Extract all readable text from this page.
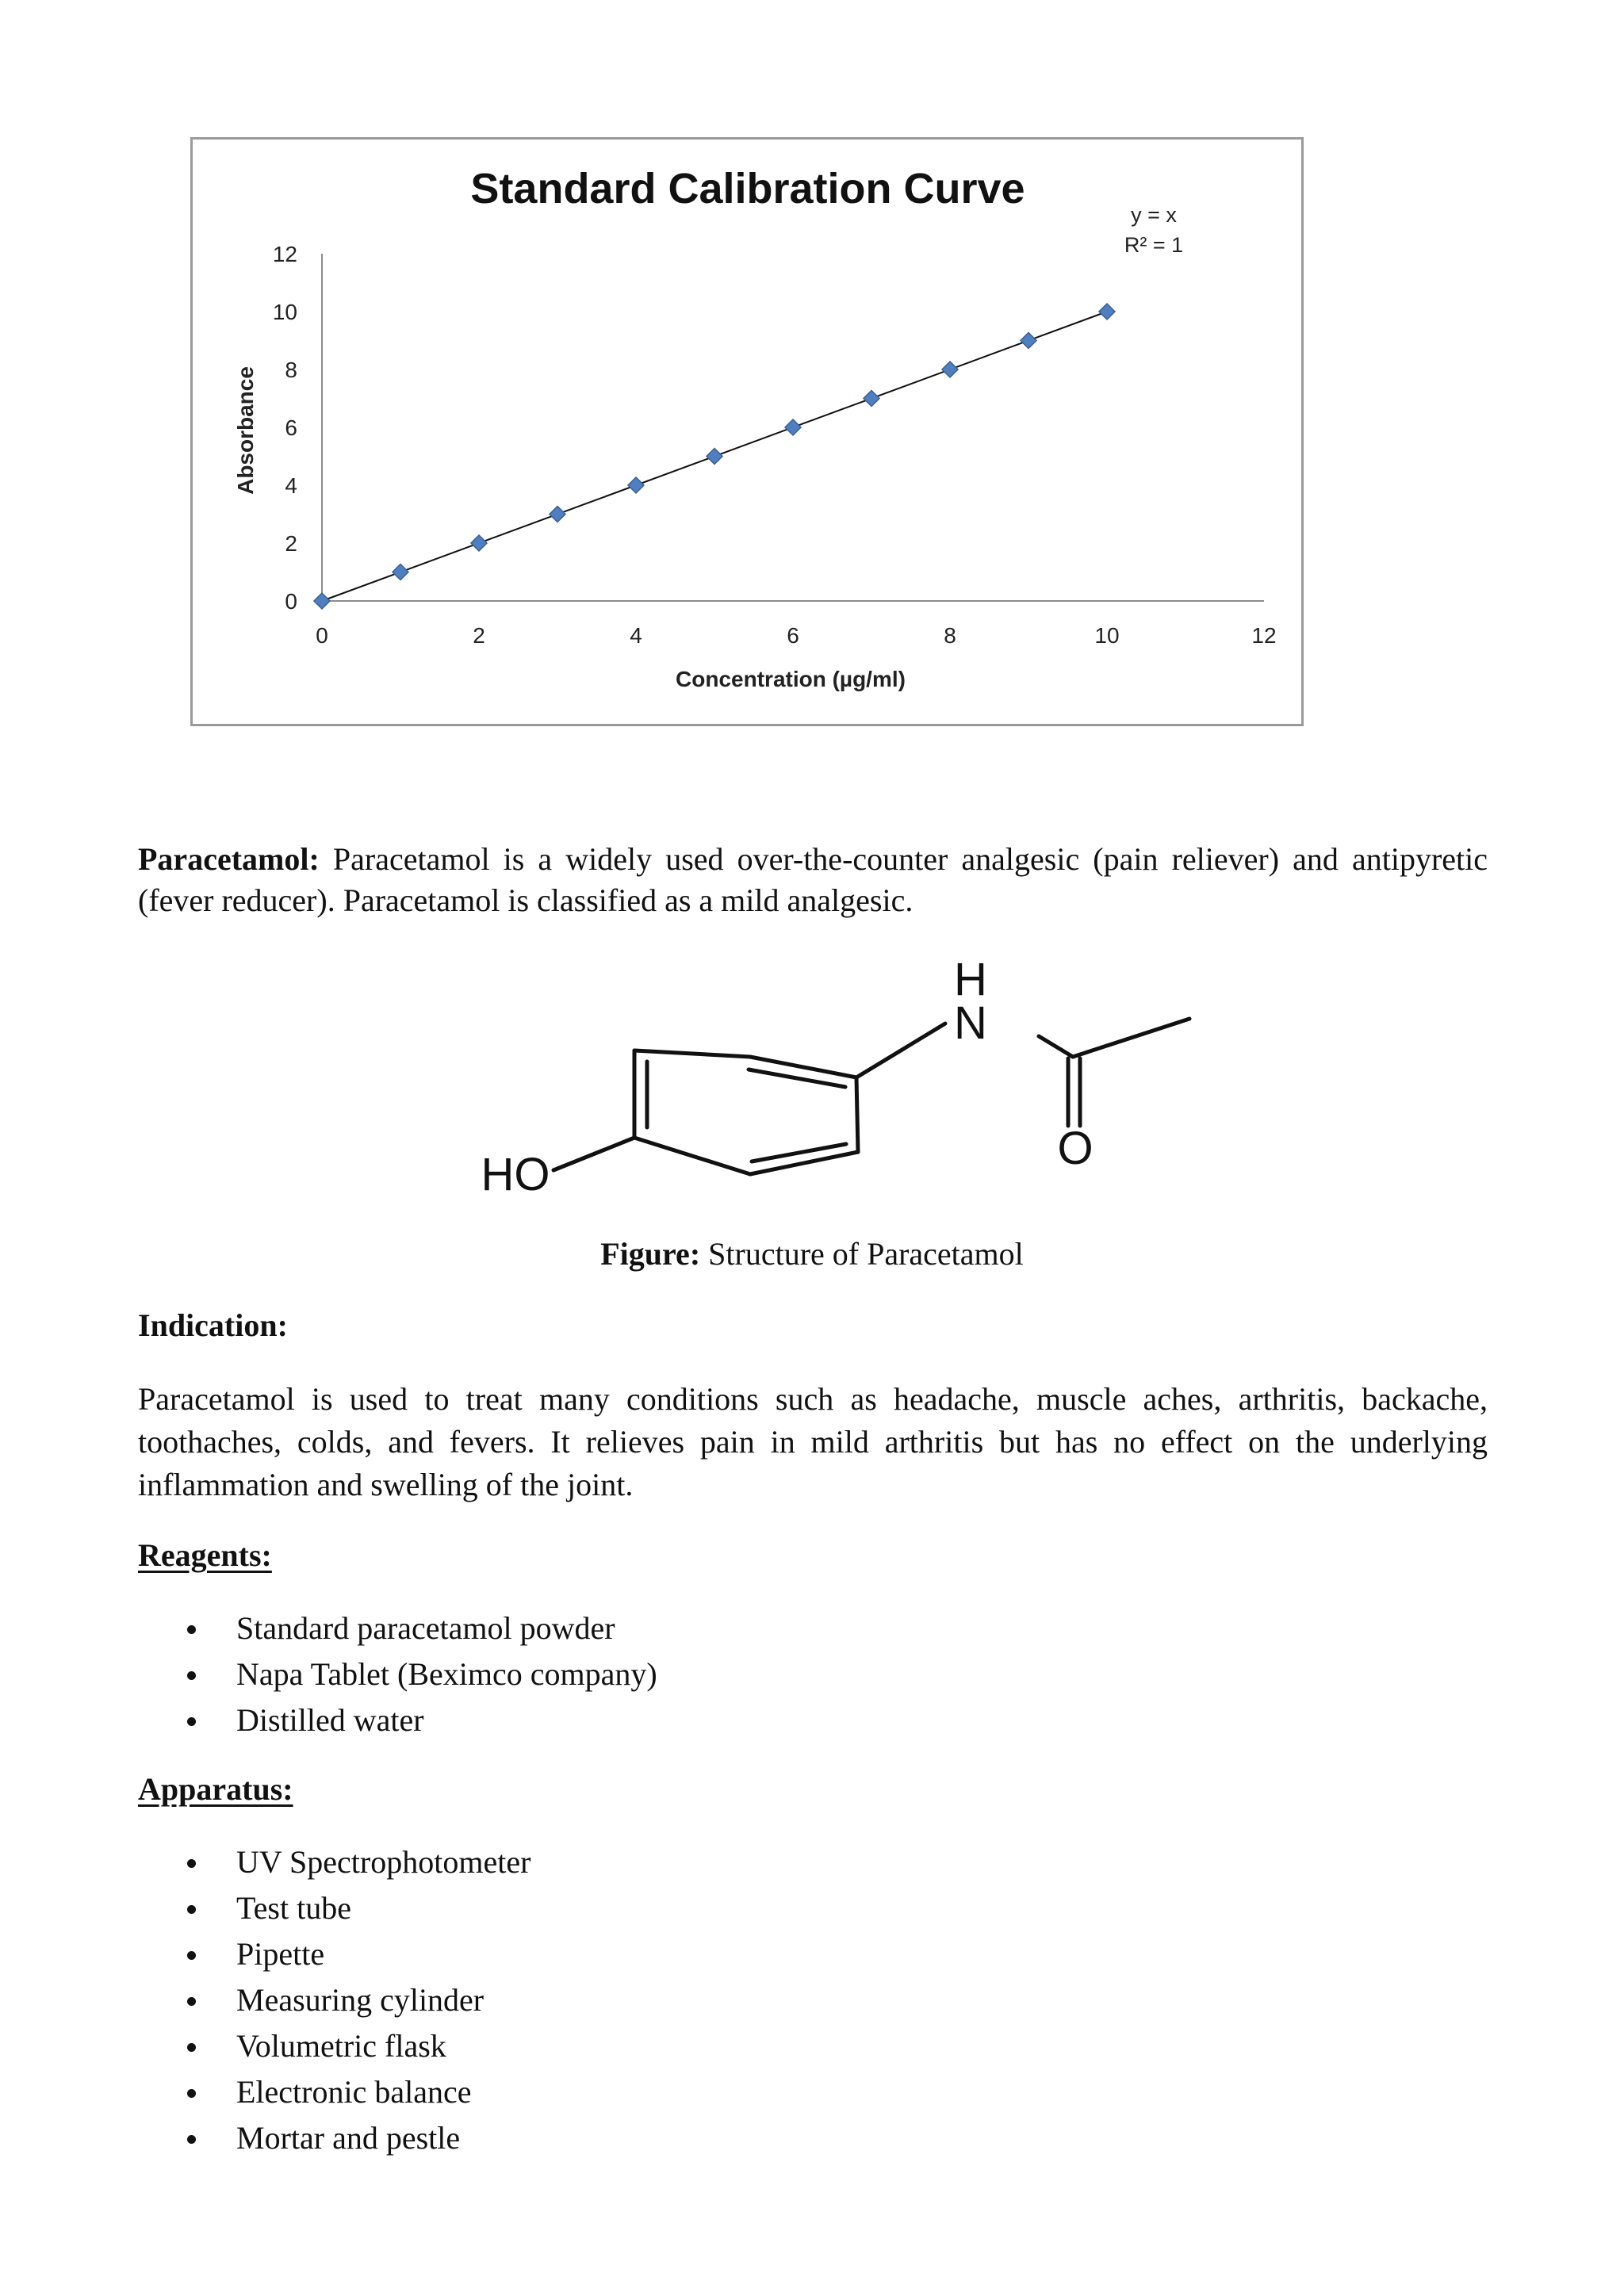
Standard Calibration Curve
y = x
R² = 1
Concentration (µg/ml)
Absorbance
0	2	4	6	8	10	12
0
2
4
6
8
10
12

Paracetamol: Paracetamol is a widely used over-the-counter analgesic (pain reliever) and antipyretic (fever reducer). Paracetamol is classified as a mild analgesic.

H
N
O
HO

Figure: Structure of Paracetamol

Indication:

Paracetamol is used to treat many conditions such as headache, muscle aches, arthritis, backache, toothaches, colds, and fevers. It relieves pain in mild arthritis but has no effect on the underlying inflammation and swelling of the joint.

Reagents:

Standard paracetamol powder
Napa Tablet (Beximco company)
Distilled water

Apparatus:

UV Spectrophotometer
Test tube
Pipette
Measuring cylinder
Volumetric flask
Electronic balance
Mortar and pestle
